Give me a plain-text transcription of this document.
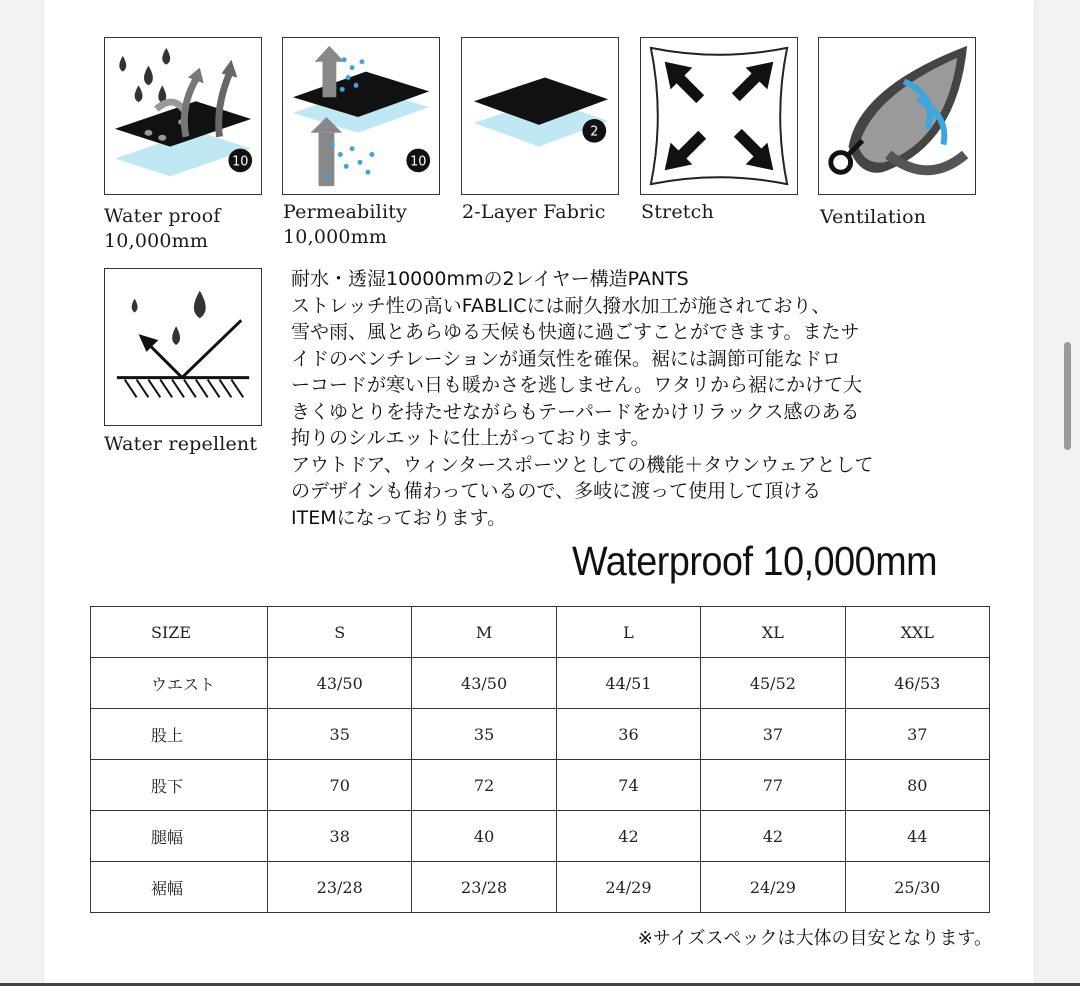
10
Water proof
10,000mm
10
Permeability
10,000mm
2
2-Layer Fabric Stretch	Ventilation
Water repellent
耐水・透湿10000mmの2レイヤー構造PANTS
ストレッチ性の高いFABLICには耐久撥水加工が施されており、
雪や雨、風とあらゆる天候も快適に過ごすことができます。またサ
イドのベンチレーションが通気性を確保。裾には調節可能なドロ
ーコードが寒い日も暖かさを逃しません。ワタリから裾にかけて大
きくゆとりを持たせながらもテーパードをかけリラックス感のある
拘りのシルエットに仕上がっております。
アウトドア、ウィンタースポーツとしての機能＋タウンウェアとして
のデザインも備わっているので、多岐に渡って使用して頂ける
ITEMになっております。
Waterproof 10,000mm
SIZE	S	M	L	XL	XXL
ウエスト	43/50	43/50	44/51	45/52	46/53
股上	35	35	36	37	37
股下	70	72	74	77	80
腿幅	38	40	42	42	44
裾幅	23/28	23/28	24/29	24/29	25/30
※サイズスペックは大体の目安となります。
